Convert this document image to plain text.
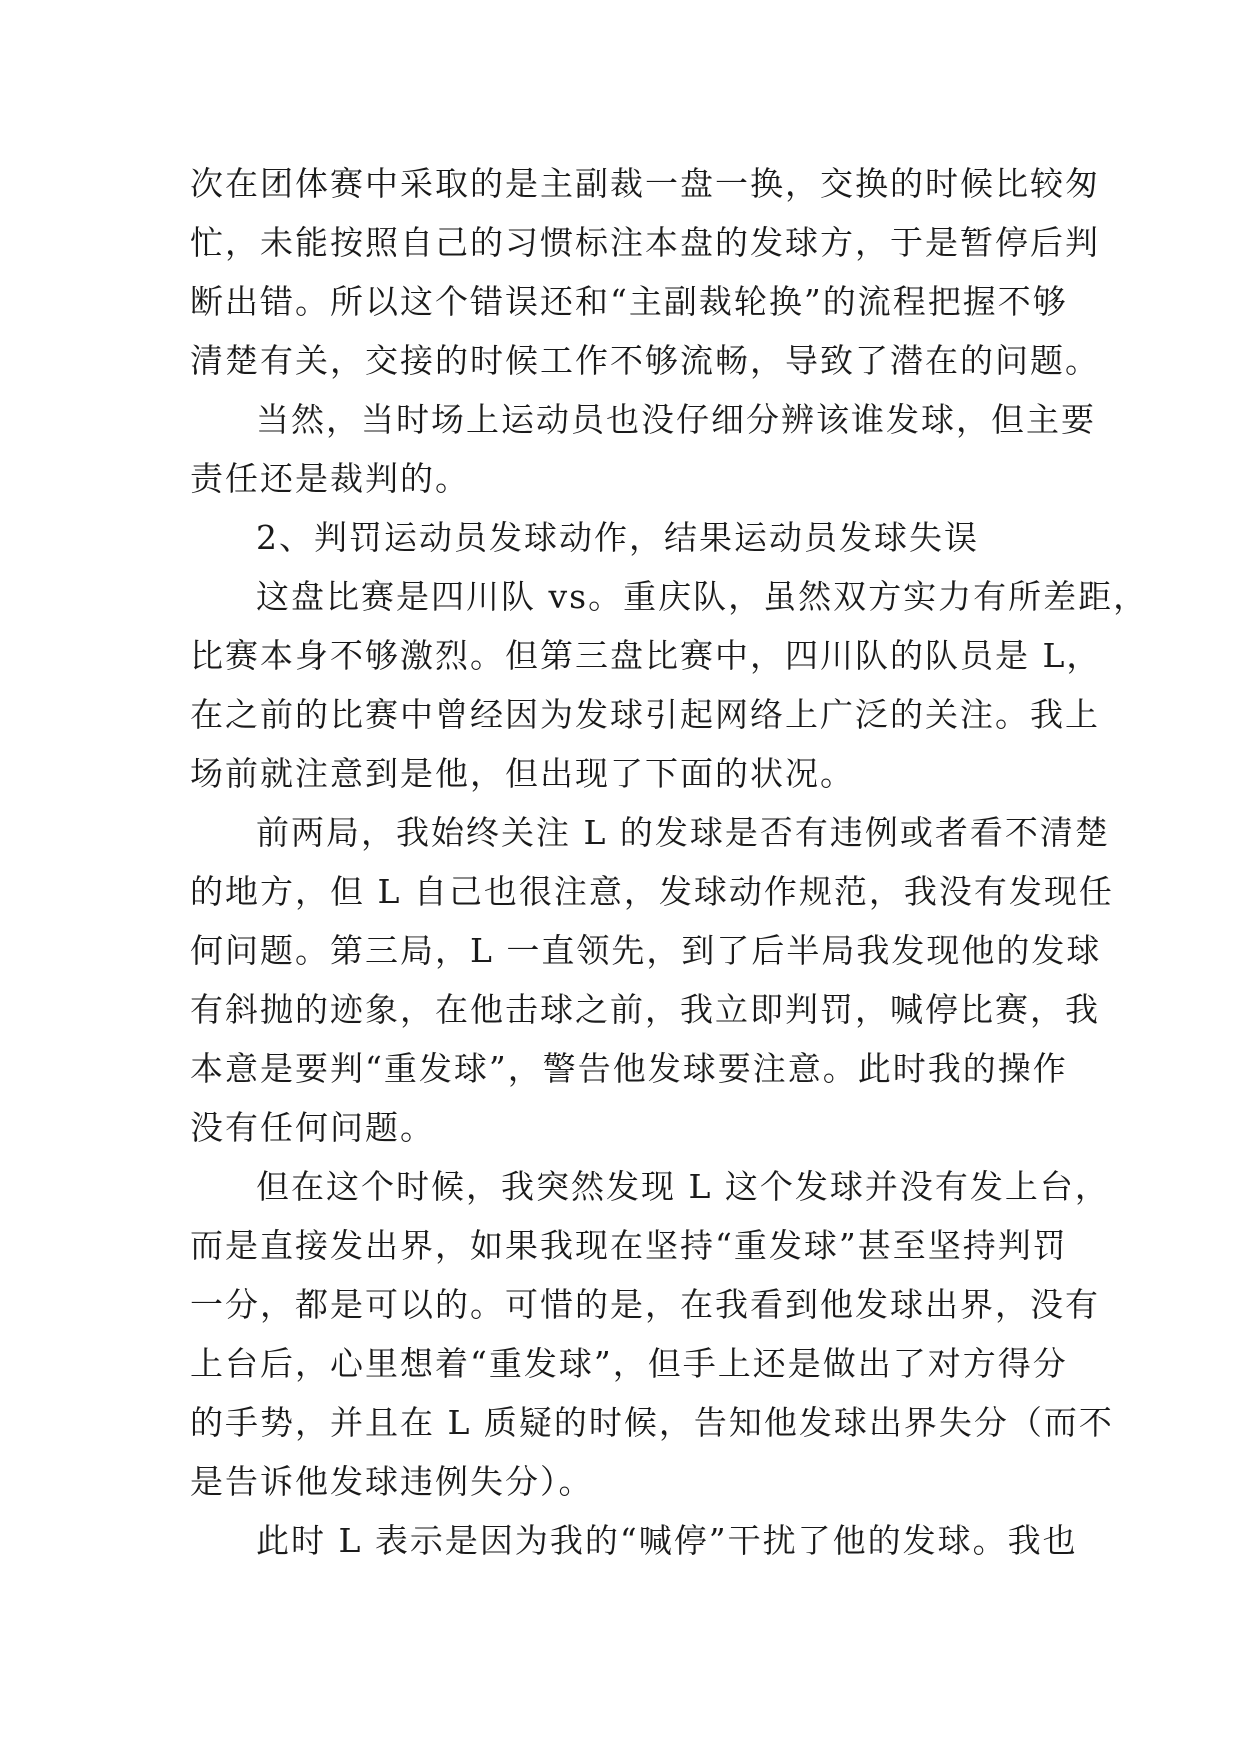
次在团体赛中采取的是主副裁一盘一换，交换的时候比较匆
忙，未能按照自己的习惯标注本盘的发球方，于是暂停后判
断出错。所以这个错误还和“主副裁轮换”的流程把握不够
清楚有关，交接的时候工作不够流畅，导致了潜在的问题。
当然，当时场上运动员也没仔细分辨该谁发球，但主要
责任还是裁判的。
2、判罚运动员发球动作，结果运动员发球失误
这盘比赛是四川队 vs。重庆队，虽然双方实力有所差距，
比赛本身不够激烈。但第三盘比赛中，四川队的队员是 L，
在之前的比赛中曾经因为发球引起网络上广泛的关注。我上
场前就注意到是他，但出现了下面的状况。
前两局，我始终关注 L 的发球是否有违例或者看不清楚
的地方，但 L 自己也很注意，发球动作规范，我没有发现任
何问题。第三局，L 一直领先，到了后半局我发现他的发球
有斜抛的迹象，在他击球之前，我立即判罚，喊停比赛，我
本意是要判“重发球”，警告他发球要注意。此时我的操作
没有任何问题。
但在这个时候，我突然发现 L 这个发球并没有发上台，
而是直接发出界，如果我现在坚持“重发球”甚至坚持判罚
一分，都是可以的。可惜的是，在我看到他发球出界，没有
上台后，心里想着“重发球”，但手上还是做出了对方得分
的手势，并且在 L 质疑的时候，告知他发球出界失分（而不
是告诉他发球违例失分）。
此时 L 表示是因为我的“喊停”干扰了他的发球。我也
